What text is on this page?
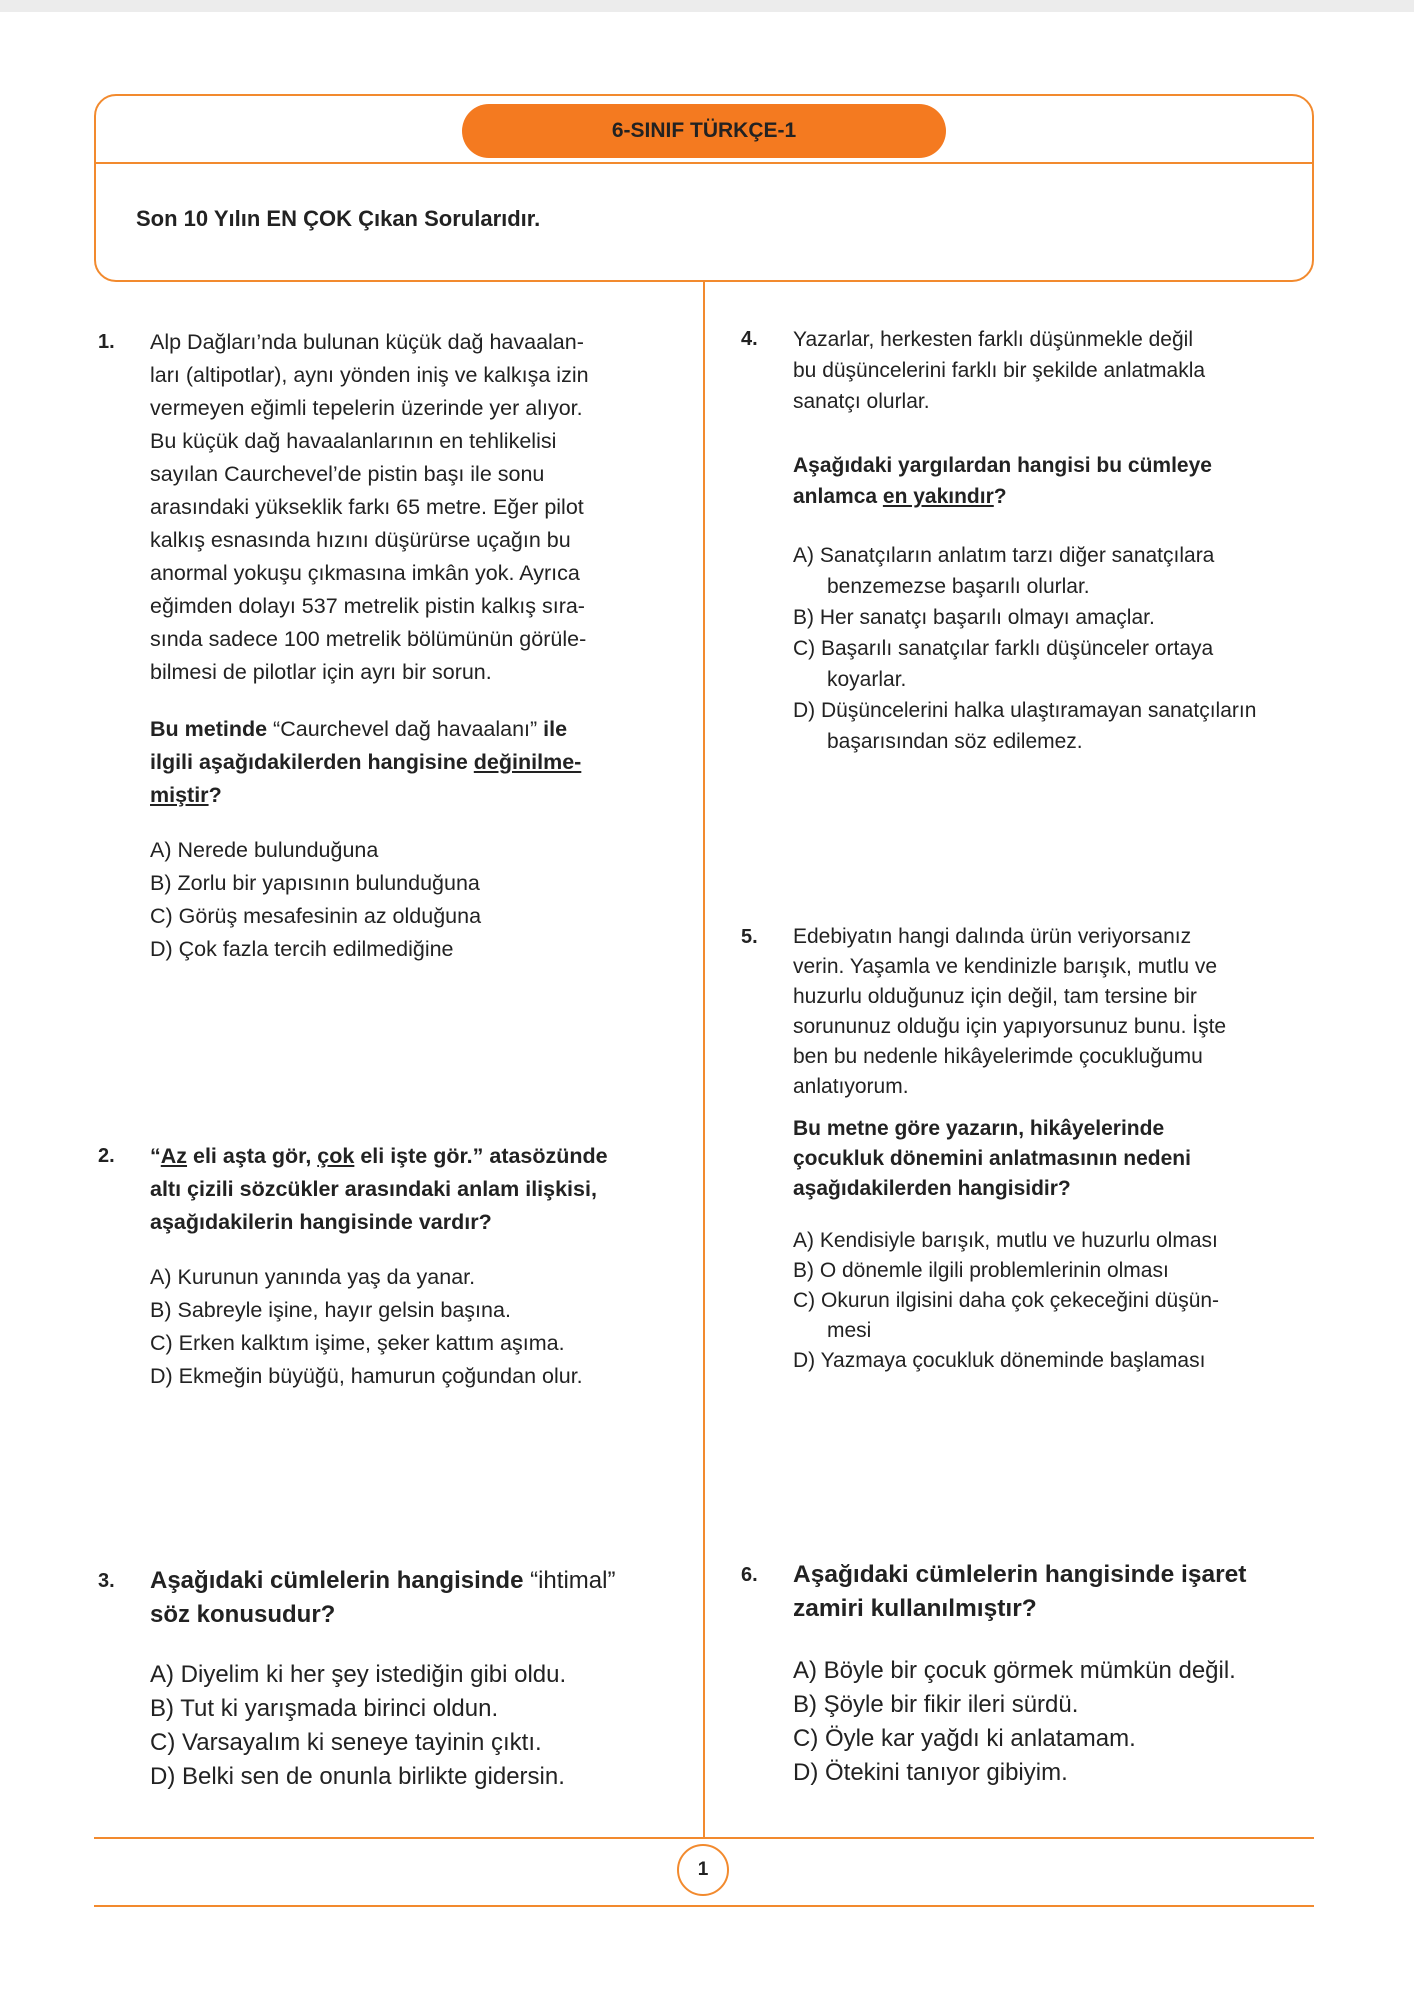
6-SINIF TÜRKÇE-1
Son 10 Yılın EN ÇOK Çıkan Sorularıdır.
1
1. Alp Dağları’nda bulunan küçük dağ havaalan-

ları (altipotlar), aynı yönden iniş ve kalkışa izin

vermeyen eğimli tepelerin üzerinde yer alıyor.

Bu küçük dağ havaalanlarının en tehlikelisi

sayılan Caurchevel’de pistin başı ile sonu

arasındaki yükseklik farkı 65 metre. Eğer pilot

kalkış esnasında hızını düşürürse uçağın bu

anormal yokuşu çıkmasına imkân yok. Ayrıca

eğimden dolayı 537 metrelik pistin kalkış sıra-

sında sadece 100 metrelik bölümünün görüle-

bilmesi de pilotlar için ayrı bir sorun.

Bu metinde “Caurchevel dağ havaalanı” ile
ilgili aşağıdakilerden hangisine değinilme-
miştir?
A) Nerede bulunduğuna
B) Zorlu bir yapısının bulunduğuna
C) Görüş mesafesinin az olduğuna
D) Çok fazla tercih edilmediğine
2. “Az eli aşta gör, çok eli işte gör.” atasözünde
altı çizili sözcükler arasındaki anlam ilişkisi,
aşağıdakilerin hangisinde vardır?
A) Kurunun yanında yaş da yanar.
B) Sabreyle işine, hayır gelsin başına.
C) Erken kalktım işime, şeker kattım aşıma.
D) Ekmeğin büyüğü, hamurun çoğundan olur.
3. Aşağıdaki cümlelerin hangisinde “ihtimal”
söz konusudur?
A) Diyelim ki her şey istediğin gibi oldu.
B) Tut ki yarışmada birinci oldun.
C) Varsayalım ki seneye tayinin çıktı.
D) Belki sen de onunla birlikte gidersin.
4. Yazarlar, herkesten farklı düşünmekle değil

bu düşüncelerini farklı bir şekilde anlatmakla

sanatçı olurlar.

Aşağıdaki yargılardan hangisi bu cümleye
anlamca en yakındır?
A) Sanatçıların anlatım tarzı diğer sanatçılara
benzemezse başarılı olurlar.
B) Her sanatçı başarılı olmayı amaçlar.
C) Başarılı sanatçılar farklı düşünceler ortaya
koyarlar.
D) Düşüncelerini halka ulaştıramayan sanatçıların
başarısından söz edilemez.
5. Edebiyatın hangi dalında ürün veriyorsanız

verin. Yaşamla ve kendinizle barışık, mutlu ve

huzurlu olduğunuz için değil, tam tersine bir

sorununuz olduğu için yapıyorsunuz bunu. İşte

ben bu nedenle hikâyelerimde çocukluğumu

anlatıyorum.

Bu metne göre yazarın, hikâyelerinde
çocukluk dönemini anlatmasının nedeni
aşağıdakilerden hangisidir?
A) Kendisiyle barışık, mutlu ve huzurlu olması
B) O dönemle ilgili problemlerinin olması
C) Okurun ilgisini daha çok çekeceğini düşün-
mesi
D) Yazmaya çocukluk döneminde başlaması
6. Aşağıdaki cümlelerin hangisinde işaret
zamiri kullanılmıştır?
A) Böyle bir çocuk görmek mümkün değil.
B) Şöyle bir fikir ileri sürdü.
C) Öyle kar yağdı ki anlatamam.
D) Ötekini tanıyor gibiyim.
